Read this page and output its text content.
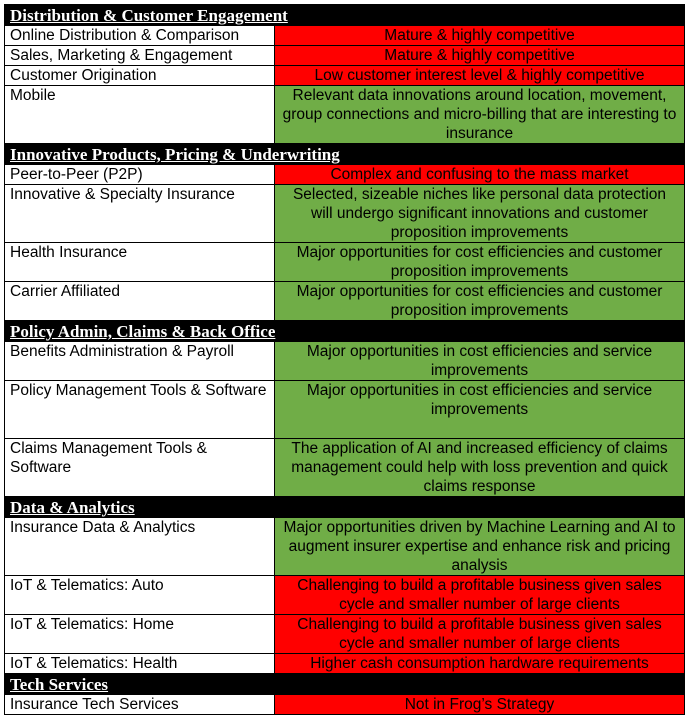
Distribution & Customer Engagement	
Online Distribution & Comparison	Mature & highly competitive
Sales, Marketing & Engagement	Mature & highly competitive
Customer Origination	Low customer interest level & highly competitive
Mobile	Relevant data innovations around location, movement, group connections and micro-billing that are interesting to insurance
Innovative Products, Pricing & Underwriting	
Peer-to-Peer (P2P)	Complex and confusing to the mass market
Innovative & Specialty Insurance	Selected, sizeable niches like personal data protection will undergo significant innovations and customer proposition improvements
Health Insurance	Major opportunities for cost efficiencies and customer proposition improvements
Carrier Affiliated	Major opportunities for cost efficiencies and customer proposition improvements
Policy Admin, Claims & Back Office	
Benefits Administration & Payroll	Major opportunities in cost efficiencies and service improvements
Policy Management Tools & Software	Major opportunities in cost efficiencies and service improvements
Claims Management Tools & Software	The application of AI and increased efficiency of claims management could help with loss prevention and quick claims response
Data & Analytics	
Insurance Data & Analytics	Major opportunities driven by Machine Learning and AI to augment insurer expertise and enhance risk and pricing analysis
IoT & Telematics: Auto	Challenging to build a profitable business given sales cycle and smaller number of large clients
IoT & Telematics: Home	Challenging to build a profitable business given sales cycle and smaller number of large clients
IoT & Telematics: Health	Higher cash consumption hardware requirements
Tech Services	
Insurance Tech Services	Not in Frog’s Strategy
